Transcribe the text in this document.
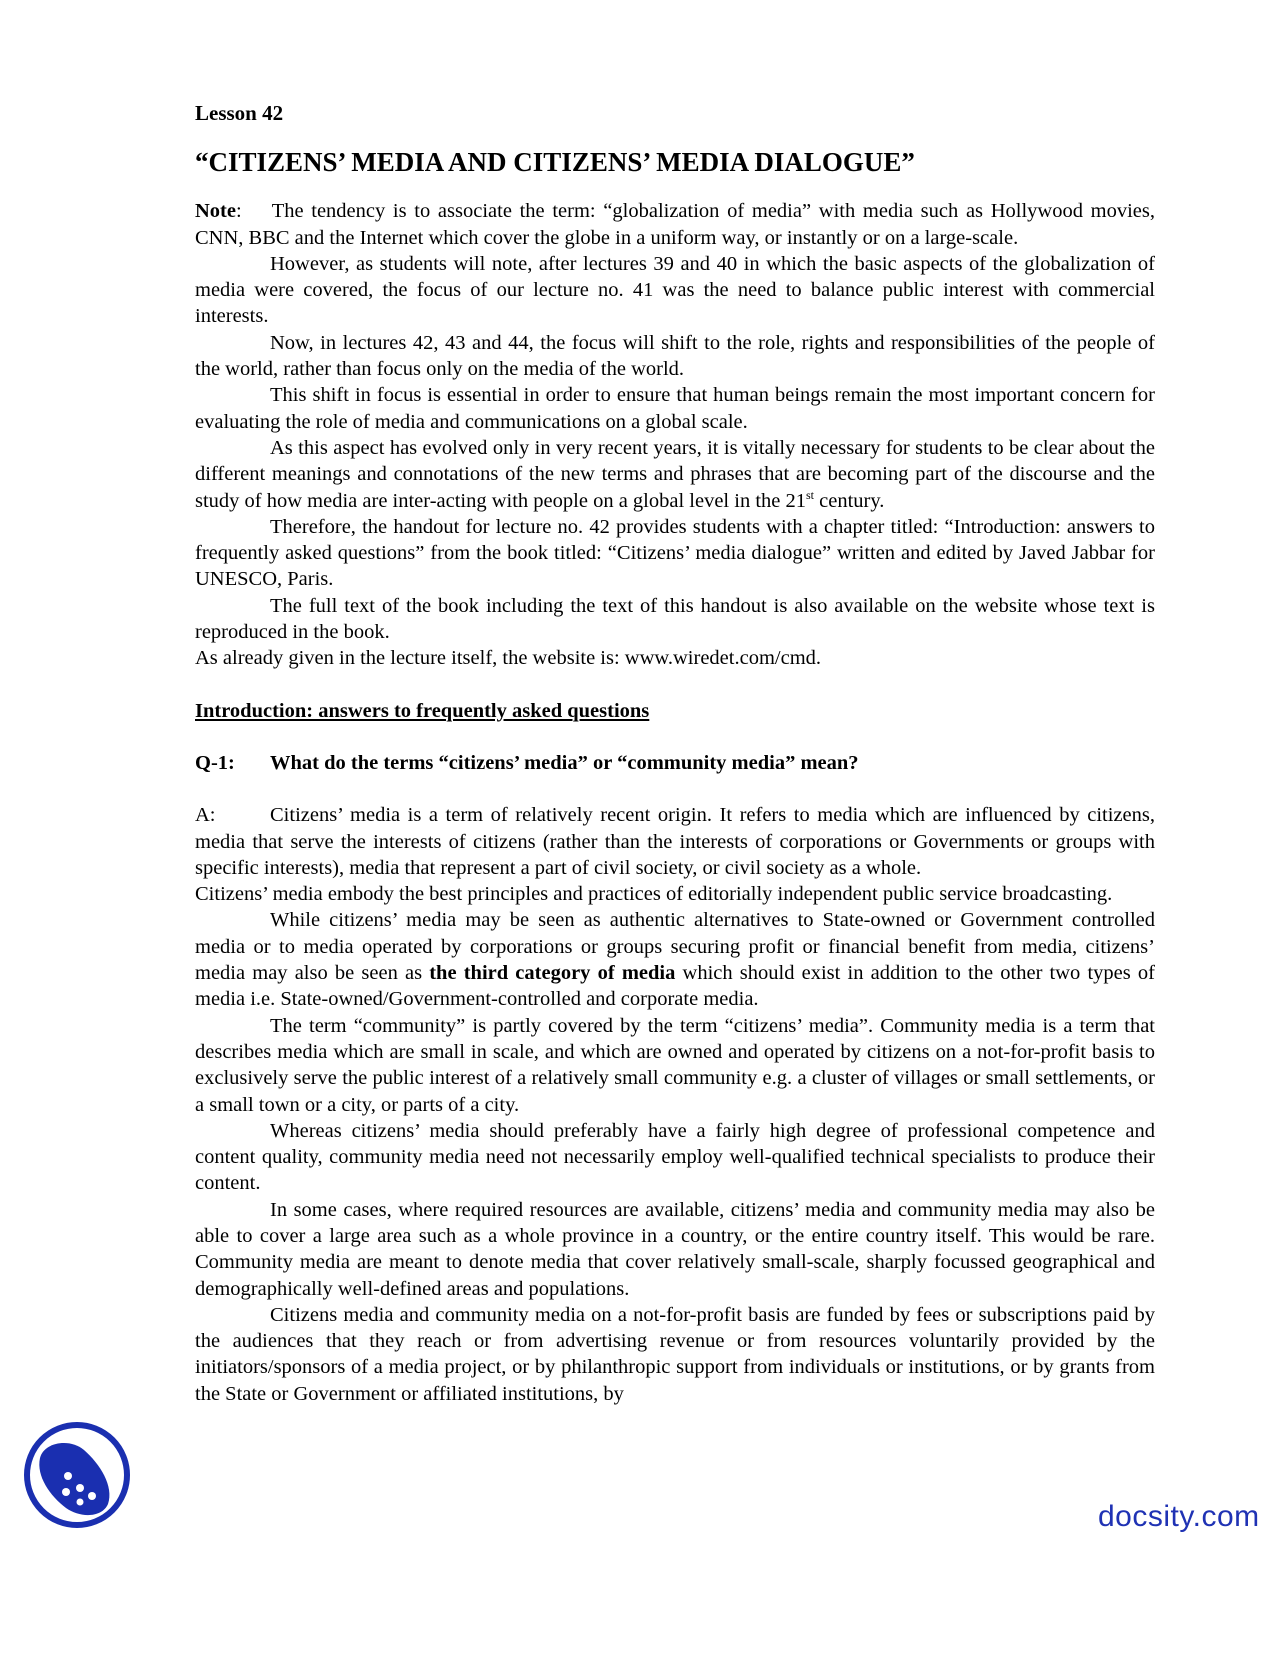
Lesson 42

“CITIZENS’ MEDIA AND CITIZENS’ MEDIA DIALOGUE”

Note: The tendency is to associate the term: “globalization of media” with media such as Hollywood movies, CNN, BBC and the Internet which cover the globe in a uniform way, or instantly or on a large-scale.

However, as students will note, after lectures 39 and 40 in which the basic aspects of the globalization of media were covered, the focus of our lecture no. 41 was the need to balance public interest with commercial interests.

Now, in lectures 42, 43 and 44, the focus will shift to the role, rights and responsibilities of the people of the world, rather than focus only on the media of the world.

This shift in focus is essential in order to ensure that human beings remain the most important concern for evaluating the role of media and communications on a global scale.

As this aspect has evolved only in very recent years, it is vitally necessary for students to be clear about the different meanings and connotations of the new terms and phrases that are becoming part of the discourse and the study of how media are inter-acting with people on a global level in the 21st century.

Therefore, the handout for lecture no. 42 provides students with a chapter titled: “Introduction: answers to frequently asked questions” from the book titled: “Citizens’ media dialogue” written and edited by Javed Jabbar for UNESCO, Paris.

The full text of the book including the text of this handout is also available on the website whose text is reproduced in the book.

As already given in the lecture itself, the website is: www.wiredet.com/cmd.

Introduction: answers to frequently asked questions

Q-1: What do the terms “citizens’ media” or “community media” mean?

A:	Citizens’ media is a term of relatively recent origin. It refers to media which are influenced by citizens, media that serve the interests of citizens (rather than the interests of corporations or Governments or groups with specific interests), media that represent a part of civil society, or civil society as a whole.

Citizens’ media embody the best principles and practices of editorially independent public service broadcasting.

While citizens’ media may be seen as authentic alternatives to State-owned or Government controlled media or to media operated by corporations or groups securing profit or financial benefit from media, citizens’ media may also be seen as the third category of media which should exist in addition to the other two types of media i.e. State-owned/Government-controlled and corporate media.

The term “community” is partly covered by the term “citizens’ media”. Community media is a term that describes media which are small in scale, and which are owned and operated by citizens on a not-for-profit basis to exclusively serve the public interest of a relatively small community e.g. a cluster of villages or small settlements, or a small town or a city, or parts of a city.

Whereas citizens’ media should preferably have a fairly high degree of professional competence and content quality, community media need not necessarily employ well-qualified technical specialists to produce their content.

In some cases, where required resources are available, citizens’ media and community media may also be able to cover a large area such as a whole province in a country, or the entire country itself. This would be rare. Community media are meant to denote media that cover relatively small-scale, sharply focussed geographical and demographically well-defined areas and populations.

Citizens media and community media on a not-for-profit basis are funded by fees or subscriptions paid by the audiences that they reach or from advertising revenue or from resources voluntarily provided by the initiators/sponsors of a media project, or by philanthropic support from individuals or institutions, or by grants from the State or Government or affiliated institutions, by

docsity.com
